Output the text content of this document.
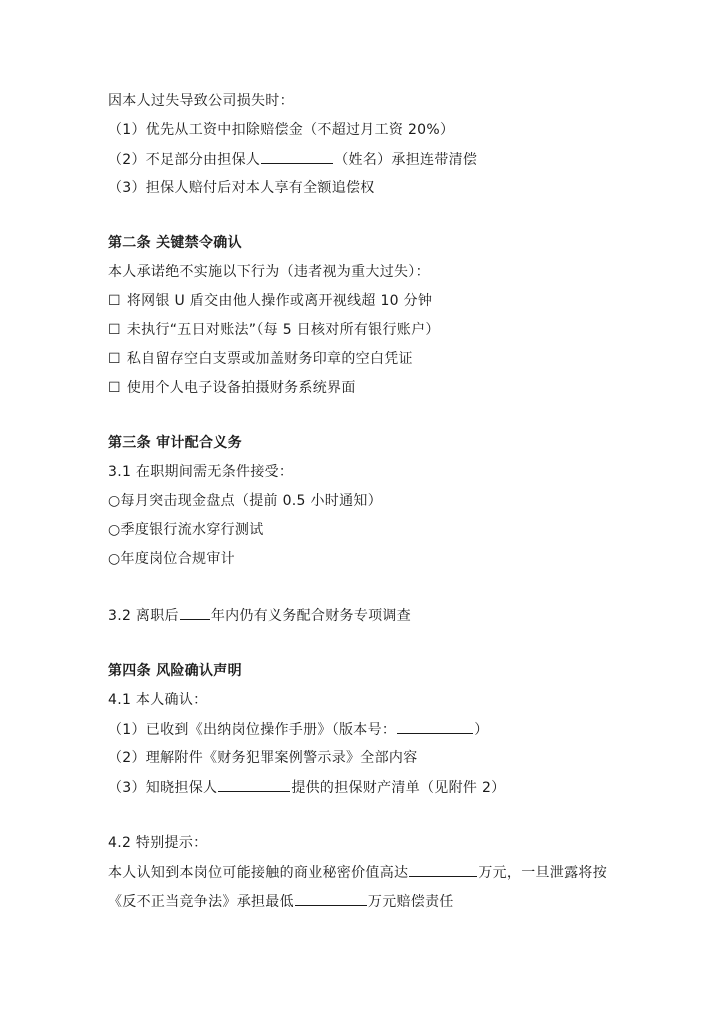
因本人过失导致公司损失时：
（1）优先从工资中扣除赔偿金（不超过月工资 20%）
（2）不足部分由担保人	（姓名）承担连带清偿
（3）担保人赔付后对本人享有全额追偿权
第二条 关键禁令确认
本人承诺绝不实施以下行为（违者视为重大过失）：
☐ 将网银 U 盾交由他人操作或离开视线超 10 分钟
☐ 未执行“五日对账法”（每 5 日核对所有银行账户）
☐ 私自留存空白支票或加盖财务印章的空白凭证
☐ 使用个人电子设备拍摄财务系统界面
第三条 审计配合义务
3.1 在职期间需无条件接受：
○每月突击现金盘点（提前 0.5 小时通知）
○季度银行流水穿行测试
○年度岗位合规审计
3.2 离职后 年内仍有义务配合财务专项调查
第四条 风险确认声明
4.1 本人确认：
（1）已收到《出纳岗位操作手册》（版本号：	）
（2）理解附件《财务犯罪案例警示录》全部内容
（3）知晓担保人	提供的担保财产清单（见附件 2）
4.2 特别提示：
本人认知到本岗位可能接触的商业秘密价值高达	万元，一旦泄露将按
《反不正当竞争法》承担最低	万元赔偿责任
